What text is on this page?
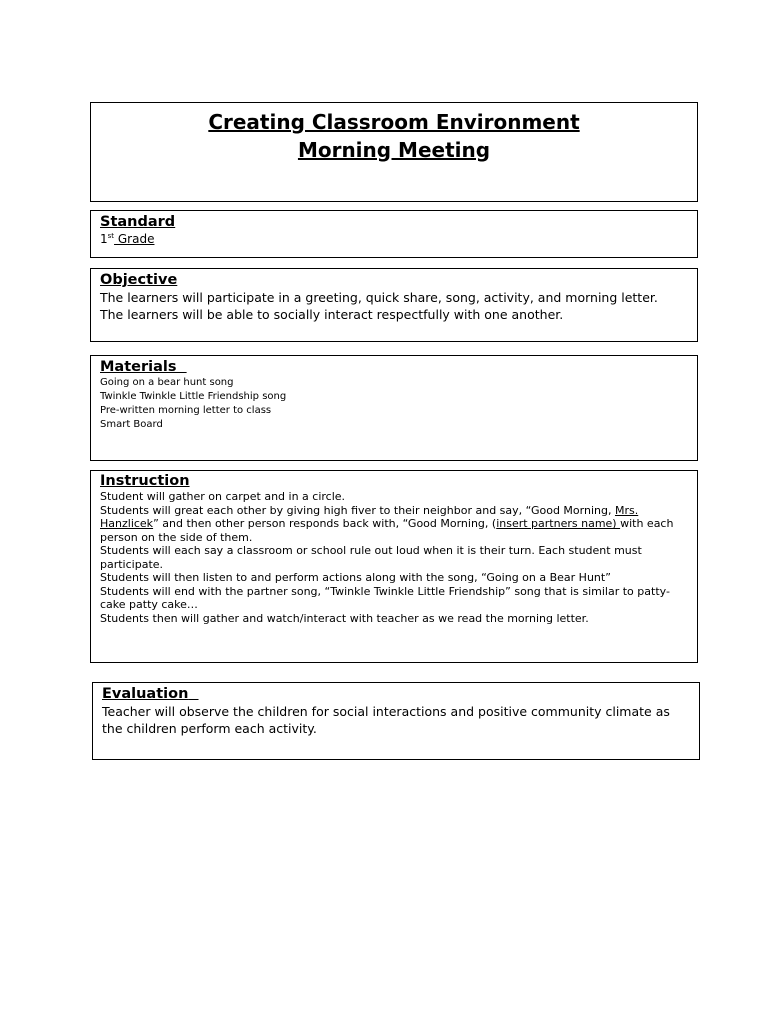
Creating Classroom Environment
Morning Meeting
Standard
1st Grade
Objective
The learners will participate in a greeting, quick share, song, activity, and morning letter.
The learners will be able to socially interact respectfully with one another.
Materials
Going on a bear hunt song
Twinkle Twinkle Little Friendship song
Pre-written morning letter to class
Smart Board
Instruction
Student will gather on carpet and in a circle.
Students will great each other by giving high fiver to their neighbor and say, “Good Morning, Mrs. Hanzlicek” and then other person responds back with, “Good Morning, (insert partners name) with each person on the side of them.
Students will each say a classroom or school rule out loud when it is their turn. Each student must participate.
Students will then listen to and perform actions along with the song, “Going on a Bear Hunt”
Students will end with the partner song, “Twinkle Twinkle Little Friendship” song that is similar to patty-cake patty cake…
Students then will gather and watch/interact with teacher as we read the morning letter.
Evaluation
Teacher will observe the children for social interactions and positive community climate as the children perform each activity.
